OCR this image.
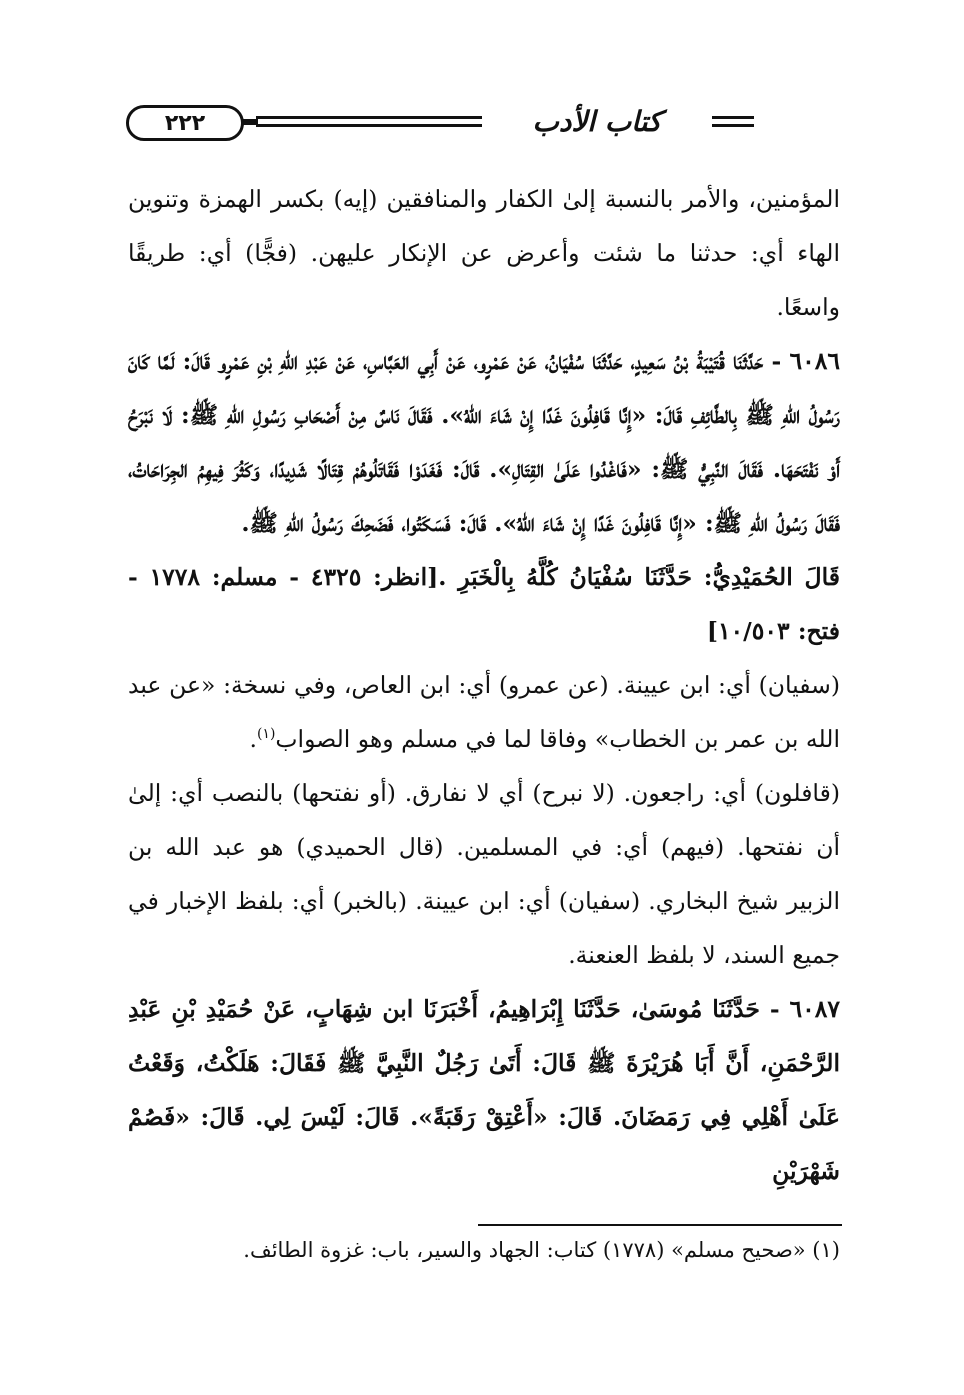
٢٢٢	كتاب الأدب

المؤمنين، والأمر بالنسبة إلىٰ الكفار والمنافقين (إيه) بكسر الهمزة وتنوين الهاء أي: حدثنا ما شئت وأعرض عن الإنكار عليهن. (فجًّا) أي: طريقًا واسعًا.

٦٠٨٦ - حَدَّثَنَا قُتَيْبَةُ بْنُ سَعِيدٍ، حَدَّثَنَا سُفْيَانُ، عَنْ عَمْرٍو، عَنْ أَبِي العَبَّاسِ، عَنْ عَبْدِ اللهِ بْنِ عَمْرٍو قَالَ: لَمَّا كَانَ رَسُولُ اللهِ ﷺ بِالطَّائِفِ قَالَ: «إِنَّا قَافِلُونَ غَدًا إِنْ شَاءَ اللهُ». فَقَالَ نَاسٌ مِنْ أَصْحَابِ رَسُولِ اللهِ ﷺ: لَا نَبْرَحُ أَوْ نَفْتَحَهَا. فَقَالَ النَّبِيُّ ﷺ: «فَاغْدُوا عَلَىٰ القِتَالِ». قَالَ: فَغَدَوْا فَقَاتَلُوهُمْ قِتَالًا شَدِيدًا، وَكَثُرَ فِيهِمُ الجِرَاحَاتُ، فَقَالَ رَسُولُ اللهِ ﷺ: «إِنَّا قَافِلُونَ غَدًا إِنْ شَاءَ اللهُ». قَالَ: فَسَكَتُوا، فَضَحِكَ رَسُولُ اللهِ ﷺ.

قَالَ الحُمَيْدِيُّ: حَدَّثَنَا سُفْيَانُ كُلَّهُ بِالْخَبَرِ .[انظر: ٤٣٢٥ - مسلم: ١٧٧٨ - فتح: ١٠/٥٠٣]

(سفيان) أي: ابن عيينة. (عن عمرو) أي: ابن العاص، وفي نسخة: «عن عبد الله بن عمر بن الخطاب» وفاقا لما في مسلم وهو الصواب$^{(١)}$.

(قافلون) أي: راجعون. (لا نبرح) أي لا نفارق. (أو نفتحها) بالنصب أي: إلىٰ أن نفتحها. (فيهم) أي: في المسلمين. (قال الحميدي) هو عبد الله بن الزبير شيخ البخاري. (سفيان) أي: ابن عيينة. (بالخبر) أي: بلفظ الإخبار في جميع السند، لا بلفظ العنعنة.

٦٠٨٧ - حَدَّثَنَا مُوسَىٰ، حَدَّثَنَا إِبْرَاهِيمُ، أَخْبَرَنَا ابن شِهَابٍ، عَنْ حُمَيْدِ بْنِ عَبْدِ الرَّحْمَنِ، أَنَّ أَبَا هُرَيْرَةَ ﷺ قَالَ: أَتَىٰ رَجُلٌ النَّبِيَّ ﷺ فَقَالَ: هَلَكْتُ، وَقَعْتُ عَلَىٰ أَهْلِي فِي رَمَضَانَ. قَالَ: «أَعْتِقْ رَقَبَةً». قَالَ: لَيْسَ لِي. قَالَ: «فَصُمْ شَهْرَيْنِ

(١) «صحيح مسلم» (١٧٧٨) كتاب: الجهاد والسير، باب: غزوة الطائف.
